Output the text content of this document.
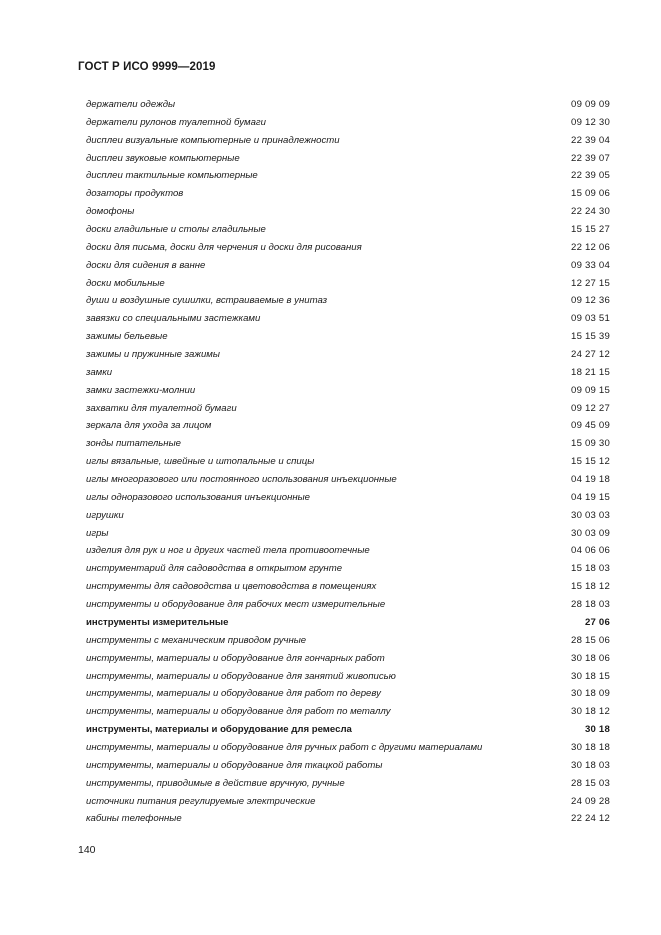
ГОСТ Р ИСО 9999—2019
держатели одежды	09 09 09
держатели рулонов туалетной бумаги	09 12 30
дисплеи визуальные компьютерные и принадлежности	22 39 04
дисплеи звуковые компьютерные	22 39 07
дисплеи тактильные компьютерные	22 39 05
дозаторы продуктов	15 09 06
домофоны	22 24 30
доски гладильные и столы гладильные	15 15 27
доски для письма, доски для черчения и доски для рисования	22 12 06
доски для сидения в ванне	09 33 04
доски мобильные	12 27 15
души и воздушные сушилки, встраиваемые в унитаз	09 12 36
завязки со специальными застежками	09 03 51
зажимы бельевые	15 15 39
зажимы и пружинные зажимы	24 27 12
замки	18 21 15
замки застежки-молнии	09 09 15
захватки для туалетной бумаги	09 12 27
зеркала для ухода за лицом	09 45 09
зонды питательные	15 09 30
иглы вязальные, швейные и штопальные и спицы	15 15 12
иглы многоразового или постоянного использования инъекционные	04 19 18
иглы одноразового использования инъекционные	04 19 15
игрушки	30 03 03
игры	30 03 09
изделия для рук и ног и других частей тела противоотечные	04 06 06
инструментарий для садоводства в открытом грунте	15 18 03
инструменты для садоводства и цветоводства в помещениях	15 18 12
инструменты и оборудование для рабочих мест измерительные	28 18 03
инструменты измерительные	27 06
инструменты с механическим приводом ручные	28 15 06
инструменты, материалы и оборудование для гончарных работ	30 18 06
инструменты, материалы и оборудование для занятий живописью	30 18 15
инструменты, материалы и оборудование для работ по дереву	30 18 09
инструменты, материалы и оборудование для работ по металлу	30 18 12
инструменты, материалы и оборудование для ремесла	30 18
инструменты, материалы и оборудование для ручных работ с другими материалами	30 18 18
инструменты, материалы и оборудование для ткацкой работы	30 18 03
инструменты, приводимые в действие вручную, ручные	28 15 03
источники питания регулируемые электрические	24 09 28
кабины телефонные	22 24 12
140
